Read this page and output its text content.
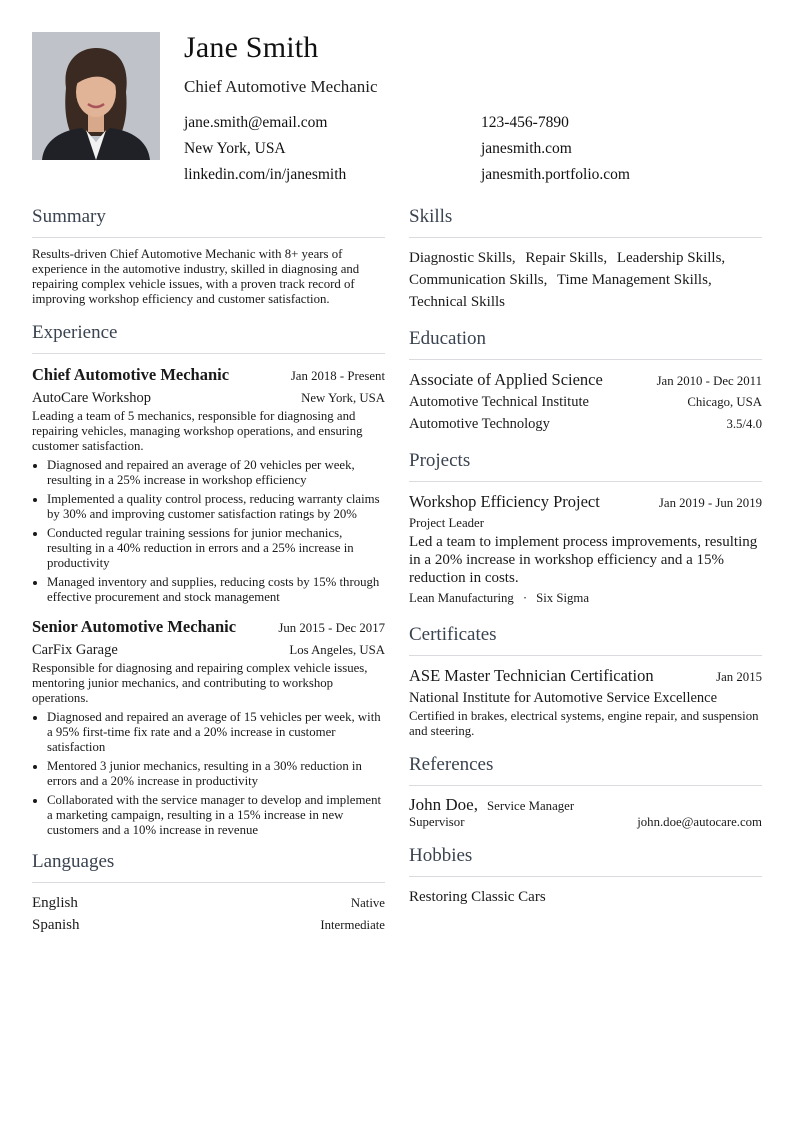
Jane Smith
Chief Automotive Mechanic
jane.smith@email.com	123-456-7890
New York, USA	janesmith.com
linkedin.com/in/janesmith	janesmith.portfolio.com
Summary
Results-driven Chief Automotive Mechanic with 8+ years of experience in the automotive industry, skilled in diagnosing and repairing complex vehicle issues, with a proven track record of improving workshop efficiency and customer satisfaction.
Experience
Chief Automotive Mechanic	Jan 2018 - Present
AutoCare Workshop	New York, USA
Leading a team of 5 mechanics, responsible for diagnosing and repairing vehicles, managing workshop operations, and ensuring customer satisfaction.
• Diagnosed and repaired an average of 20 vehicles per week, resulting in a 25% increase in workshop efficiency
• Implemented a quality control process, reducing warranty claims by 30% and improving customer satisfaction ratings by 20%
• Conducted regular training sessions for junior mechanics, resulting in a 40% reduction in errors and a 25% increase in productivity
• Managed inventory and supplies, reducing costs by 15% through effective procurement and stock management
Senior Automotive Mechanic	Jun 2015 - Dec 2017
CarFix Garage	Los Angeles, USA
Responsible for diagnosing and repairing complex vehicle issues, mentoring junior mechanics, and contributing to workshop operations.
• Diagnosed and repaired an average of 15 vehicles per week, with a 95% first-time fix rate and a 20% increase in customer satisfaction
• Mentored 3 junior mechanics, resulting in a 30% reduction in errors and a 20% increase in productivity
• Collaborated with the service manager to develop and implement a marketing campaign, resulting in a 15% increase in new customers and a 10% increase in revenue
Languages
English	Native
Spanish	Intermediate
Skills
Diagnostic Skills, Repair Skills, Leadership Skills,
Communication Skills, Time Management Skills,
Technical Skills
Education
Associate of Applied Science	Jan 2010 - Dec 2011
Automotive Technical Institute	Chicago, USA
Automotive Technology	3.5/4.0
Projects
Workshop Efficiency Project	Jan 2019 - Jun 2019
Project Leader
Led a team to implement process improvements, resulting in a 20% increase in workshop efficiency and a 15% reduction in costs.
Lean Manufacturing · Six Sigma
Certificates
ASE Master Technician Certification	Jan 2015
National Institute for Automotive Service Excellence
Certified in brakes, electrical systems, engine repair, and suspension and steering.
References
John Doe, Service Manager
Supervisor	john.doe@autocare.com
Hobbies
Restoring Classic Cars
